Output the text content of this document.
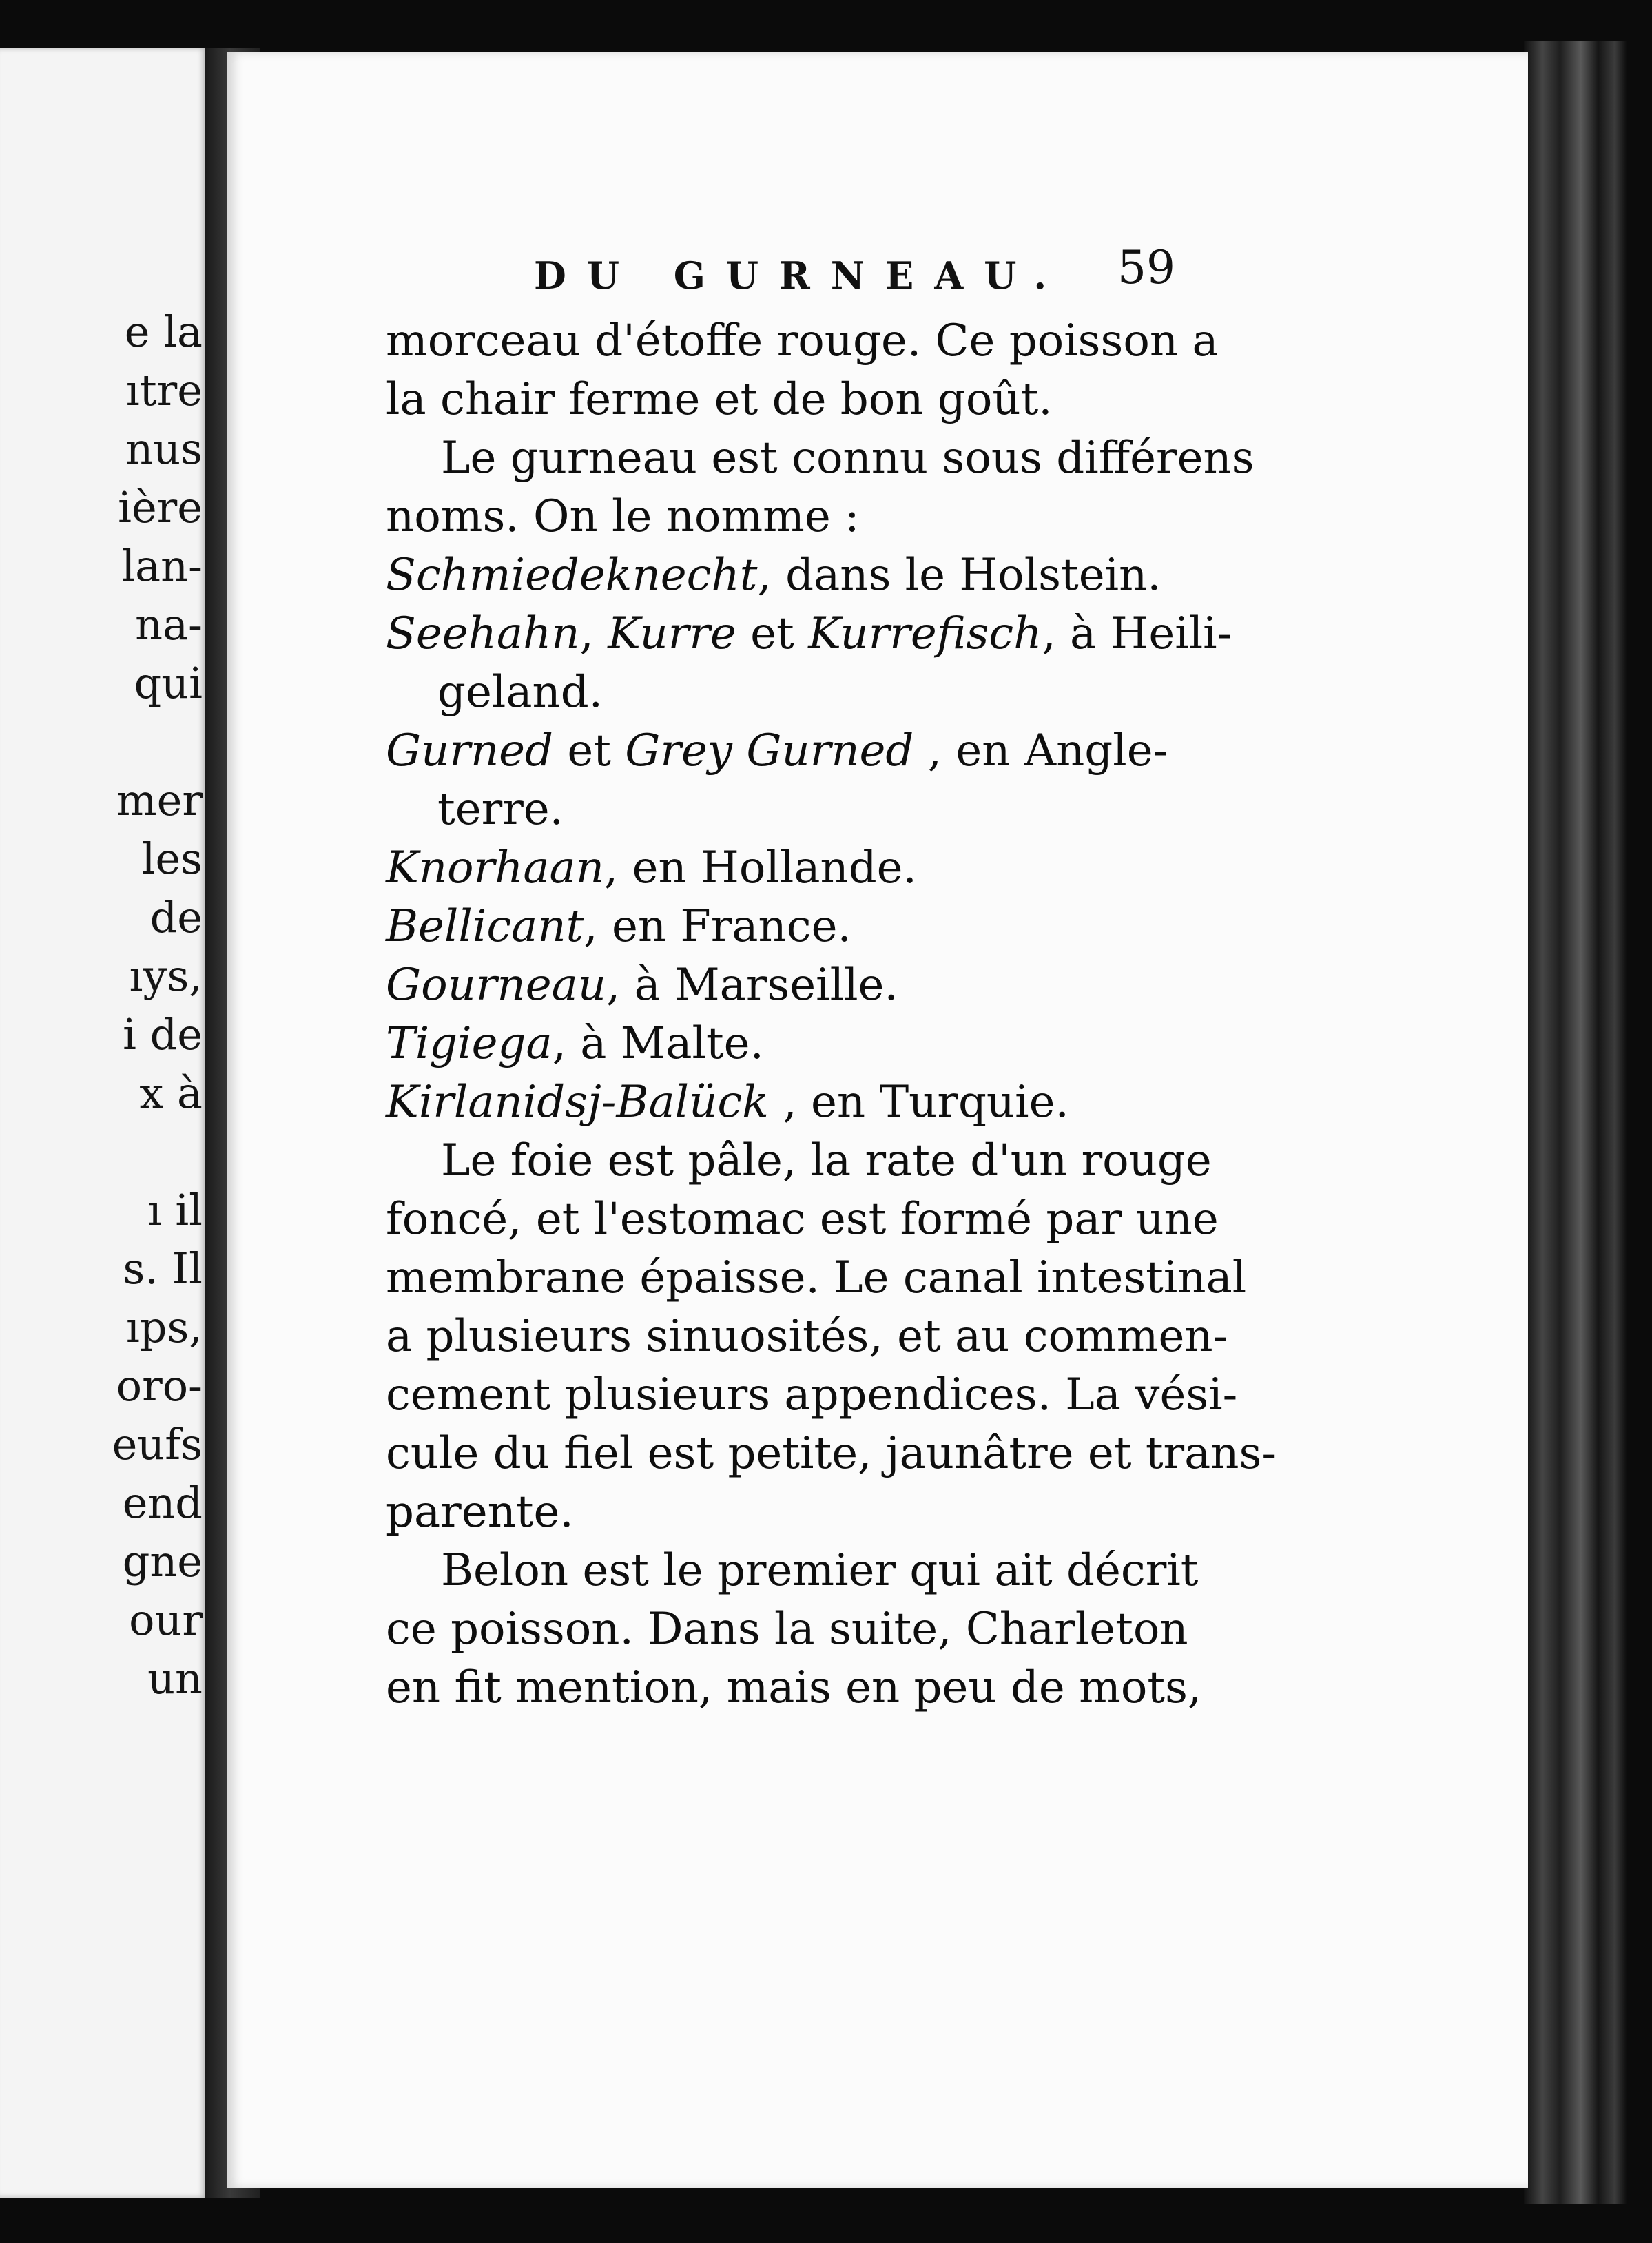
e la
ıtre
nus
ière
lan-
na-
qui
mer
les
de
ıys,
i de
x à
ı il
s. Il
ıps,
oro-
eufs
end
gne
our
un
DU GURNEAU. 59
morceau d'étoffe rouge. Ce poisson a
la chair ferme et de bon goût.
Le gurneau est connu sous différens
noms. On le nomme :
Schmiedeknecht, dans le Holstein.
Seehahn, Kurre et Kurrefisch, à Heili-
geland.
Gurned et Grey Gurned , en Angle-
terre.
Knorhaan, en Hollande.
Bellicant, en France.
Gourneau, à Marseille.
Tigiega, à Malte.
Kirlanidsj-Balück , en Turquie.
Le foie est pâle, la rate d'un rouge
foncé, et l'estomac est formé par une
membrane épaisse. Le canal intestinal
a plusieurs sinuosités, et au commen-
cement plusieurs appendices. La vési-
cule du fiel est petite, jaunâtre et trans-
parente.
Belon est le premier qui ait décrit
ce poisson. Dans la suite, Charleton
en fit mention, mais en peu de mots,
